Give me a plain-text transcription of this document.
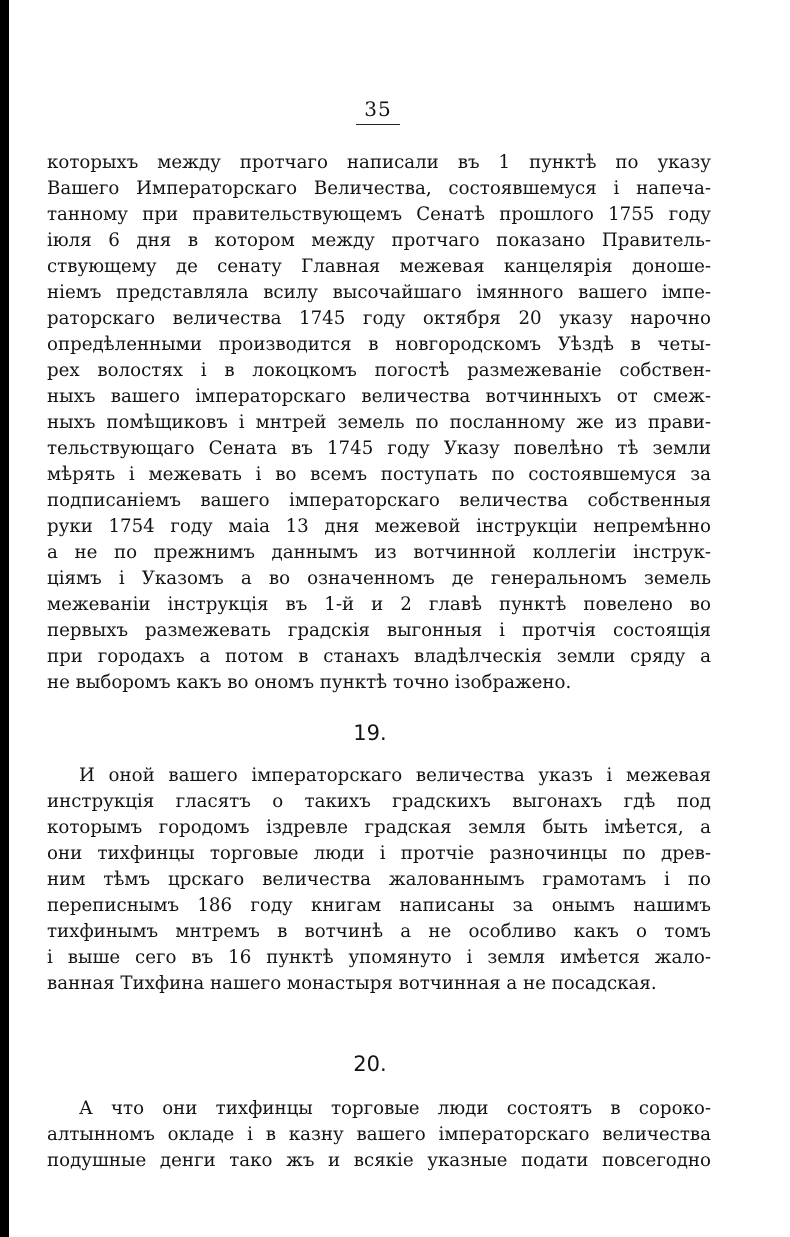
35
которыхъ между протчаго написали въ 1 пунктѣ по указу
Вашего Императорскаго Величества, состоявшемуся і напеча-
танному при правительствующемъ Сенатѣ прошлого 1755 году
іюля 6 дня в котором между протчаго показано Правитель-
ствующему де сенату Главная межевая канцелярія доноше-
ніемъ представляла всилу высочайшаго імянного вашего імпе-
раторскаго величества 1745 году октября 20 указу нарочно
опредѣленными производится в новгородскомъ Уѣздѣ в четы-
рех волостях і в локоцкомъ погостѣ размежеваніе собствен-
ныхъ вашего імператорскаго величества вотчинныхъ от смеж-
ныхъ помѣщиковъ і мнтрей земель по посланному же из прави-
тельствующаго Сената въ 1745 году Указу повелѣно тѣ земли
мѣрять і межевать і во всемъ поступать по состоявшемуся за
подписаніемъ вашего імператорскаго величества собственныя
руки 1754 году маіа 13 дня межевой інструкціи непремѣнно
а не по прежнимъ даннымъ из вотчинной коллегіи інструк-
ціямъ і Указомъ а во означенномъ де генеральномъ земель
межеваніи інструкція въ 1-й и 2 главѣ пунктѣ повелено во
первыхъ размежевать градскія выгонныя і протчія состоящія
при городахъ а потом в станахъ владѣлческія земли сряду а
не выборомъ какъ во ономъ пунктѣ точно ізображено.
19.
И оной вашего імператорскаго величества указъ і межевая
инструкція гласятъ о такихъ градскихъ выгонахъ гдѣ под
которымъ городомъ іздревле градская земля быть імѣется, а
они тихфинцы торговые люди і протчіе разночинцы по древ-
ним тѣмъ црскаго величества жалованнымъ грамотамъ і по
переписнымъ 186 году книгам написаны за онымъ нашимъ
тихфинымъ мнтремъ в вотчинѣ а не особливо какъ о томъ
і выше сего въ 16 пунктѣ упомянуто і земля имѣется жало-
ванная Тихфина нашего монастыря вотчинная а не посадская.
20.
А что они тихфинцы торговые люди состоятъ в сороко-
алтынномъ окладе і в казну вашего імператорскаго величества
подушные денги тако жъ и всякіе указные подати повсегодно
